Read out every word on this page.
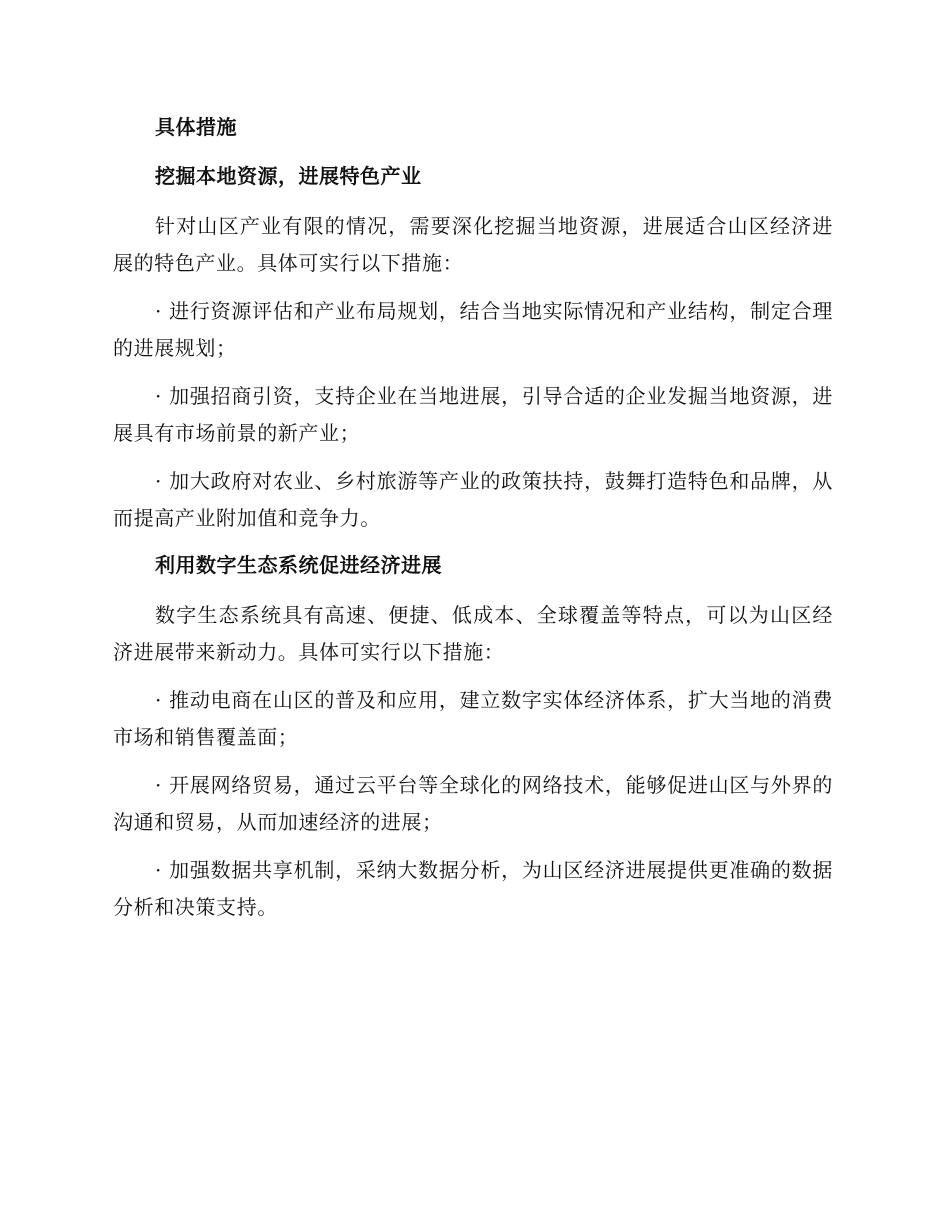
具体措施
挖掘本地资源，进展特色产业

针对山区产业有限的情况，需要深化挖掘当地资源，进展适合山区经济进展的特色产业。具体可实行以下措施：

· 进行资源评估和产业布局规划，结合当地实际情况和产业结构，制定合理的进展规划；

· 加强招商引资，支持企业在当地进展，引导合适的企业发掘当地资源，进展具有市场前景的新产业；

· 加大政府对农业、乡村旅游等产业的政策扶持，鼓舞打造特色和品牌，从而提高产业附加值和竞争力。

利用数字生态系统促进经济进展

数字生态系统具有高速、便捷、低成本、全球覆盖等特点，可以为山区经济进展带来新动力。具体可实行以下措施：

· 推动电商在山区的普及和应用，建立数字实体经济体系，扩大当地的消费市场和销售覆盖面；

· 开展网络贸易，通过云平台等全球化的网络技术，能够促进山区与外界的沟通和贸易，从而加速经济的进展；

· 加强数据共享机制，采纳大数据分析，为山区经济进展提供更准确的数据分析和决策支持。
